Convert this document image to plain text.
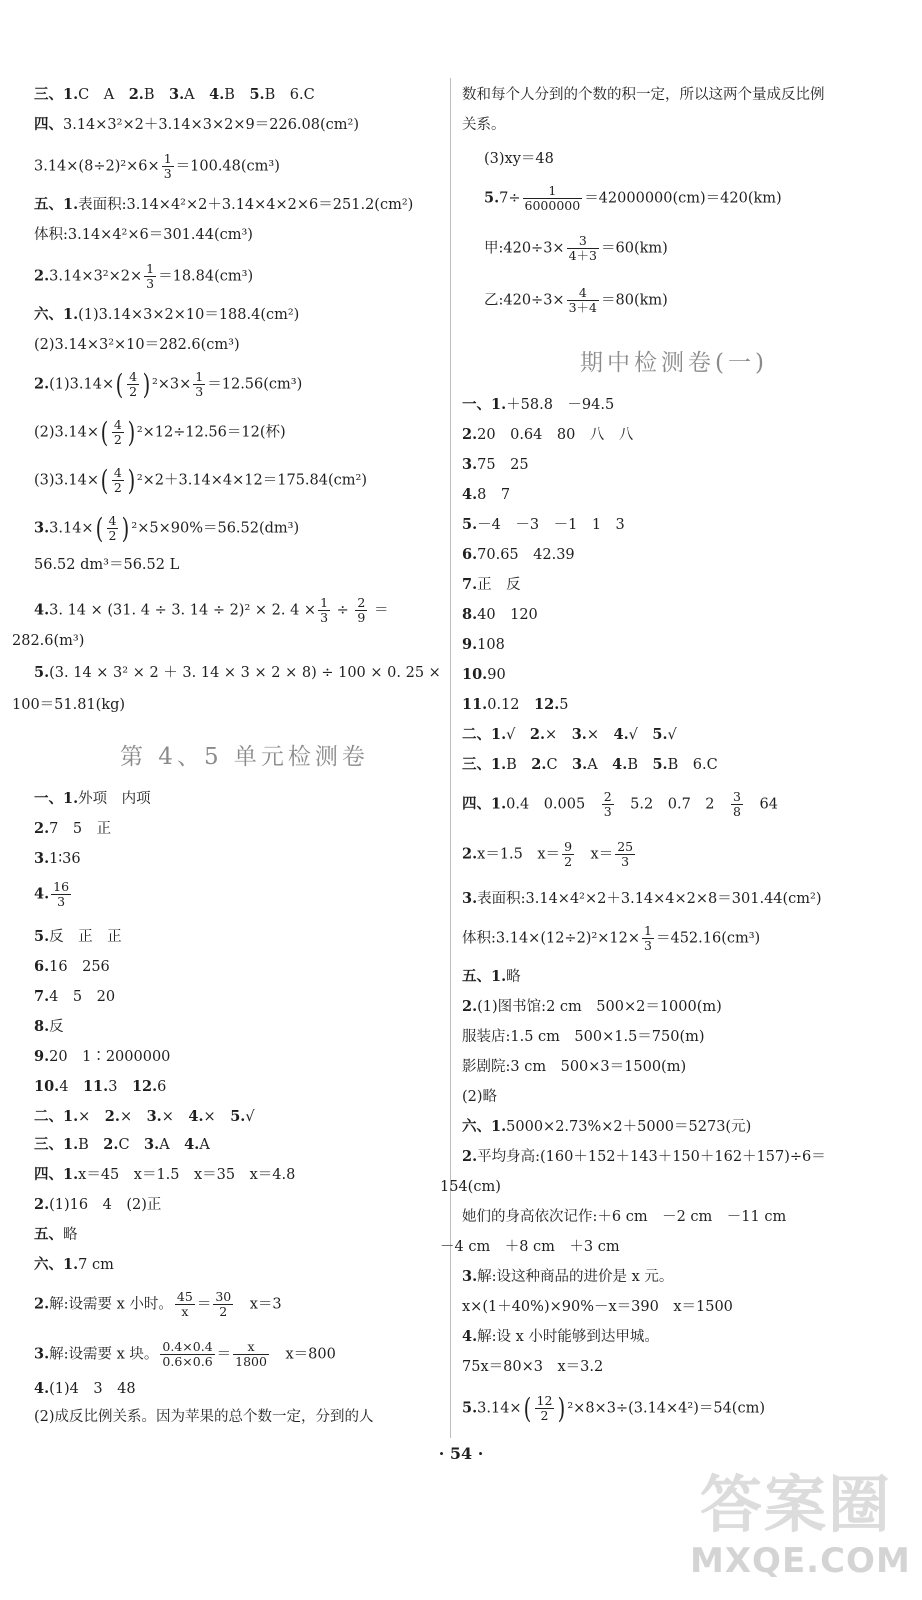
三、1.C　A　2.B　3.A　4.B　5.B　6.C
四、3.14×3²×2＋3.14×3×2×9＝226.08(cm²)
$3.14\times(8\div 2)^2\times 6\times \frac{1}{3} =100.48(cm^3)$
五、1.表面积:3.14×4²×2＋3.14×4×2×6＝251.2(cm²)
体积:3.14×4²×6＝301.44(cm³)
$2.3.14\times 3^2\times 2\times \frac{1}{3} =18.84(cm^3)$
六、1.(1)3.14×3×2×10＝188.4(cm²)
(2)3.14×3²×10＝282.6(cm³)
$2.(1)3.14\times( \frac{4}{2}$ ) $^2\times 3\times \frac{1}{3} =12.56(cm^3)$
$(2)3.14\times( \frac{4}{2}$ ) ²×12÷12.56＝12(杯)
$(3)3.14\times( \frac{4}{2}$ ) ²×2＋3.14×4×12＝175.84(cm²)
$3.3.14\times( \frac{4}{2}$ ) ²×5×90%＝56.52(dm³)
56.52 dm³＝56.52 L
4.3. 14 × (31. 4 ÷ 3. 14 ÷ 2)² × 2. $4 \times \frac{1}{3} \div \frac{2}{9}$ ＝
282.6(m³)
5.(3. 14 × 3² × 2 ＋ 3. 14 × 3 × 2 × 8) ÷ 100 × 0. 25 ×
100＝51.81(kg)
第 4、5 单元检测卷
一、1.外项　内项
2.7　5　正
3.1∶36
4. $\frac{16}{3}$
5.反　正　正
6.16　256
7.4　5　20
8.反
9.20　1∶2000000
10.4　11.3　12.6
二、1.×　2.×　3.×　4.×　5.√
三、1.B　2.C　3.A　4.A
四、1.x＝45　x＝1.5　x＝35　x＝4.8
2.(1)16　4　(2)正
五、略
六、1.7 cm
2.解:设需要 x 小时。 $\frac{45}{x} = \frac{30}{2}$ 　x＝3
3.解:设需要 x 块。 $\frac{0.4\times 0.4}{0.6\times 0.6} = \frac{x}{1800}$ 　x＝800
4.(1)4　3　48
(2)成反比例关系。因为苹果的总个数一定，分到的人
数和每个人分到的个数的积一定，所以这两个量成反比例
关系。
(3)xy＝48
$5.7\div \frac{1}{6000000} =42000000(cm)=420(km)$
甲:420÷3× $\frac{3}{4+3} =60(km)$
乙:420÷3× $\frac{4}{3+4} =80(km)$
期中检测卷(一)
一、1.＋58.8　－94.5
2.20　0.64　80　八　八
3.75　25
4.8　7
5.－4　－3　－1　1　3
6.70.65　42.39
7.正　反
8.40　120
9.108
10.90
11.0.12　12.5
二、1.√　2.×　3.×　4.√　5.√
三、1.B　2.C　3.A　4.B　5.B　6.C
四、1.0.4　0.005　 $\frac{2}{3}$ 　5.2　0.7　2　 $\frac{3}{8}$ 　64
2.x＝1.5　$x= \frac{9}{2}$ 　$x= \frac{25}{3}$
3.表面积:3.14×4²×2＋3.14×4×2×8＝301.44(cm²)
体积:3.14×(12÷2)²×12× $\frac{1}{3} =452.16(cm^3)$
五、1.略
2.(1)图书馆:2 cm　500×2＝1000(m)
服装店:1.5 cm　500×1.5＝750(m)
影剧院:3 cm　500×3＝1500(m)
(2)略
六、1.5000×2.73%×2＋5000＝5273(元)
2.平均身高:(160＋152＋143＋150＋162＋157)÷6＝
154(cm)
她们的身高依次记作:＋6 cm　－2 cm　－11 cm
－4 cm　＋8 cm　＋3 cm
3.解:设这种商品的进价是 x 元。
x×(1＋40%)×90%－x＝390　x＝1500
4.解:设 x 小时能够到达甲城。
75x＝80×3　x＝3.2
$5.3.14\times( \frac{12}{2}$ ) ²×8×3÷(3.14×4²)＝54(cm)
· 54 ·
答案圈
MXQE.COM
